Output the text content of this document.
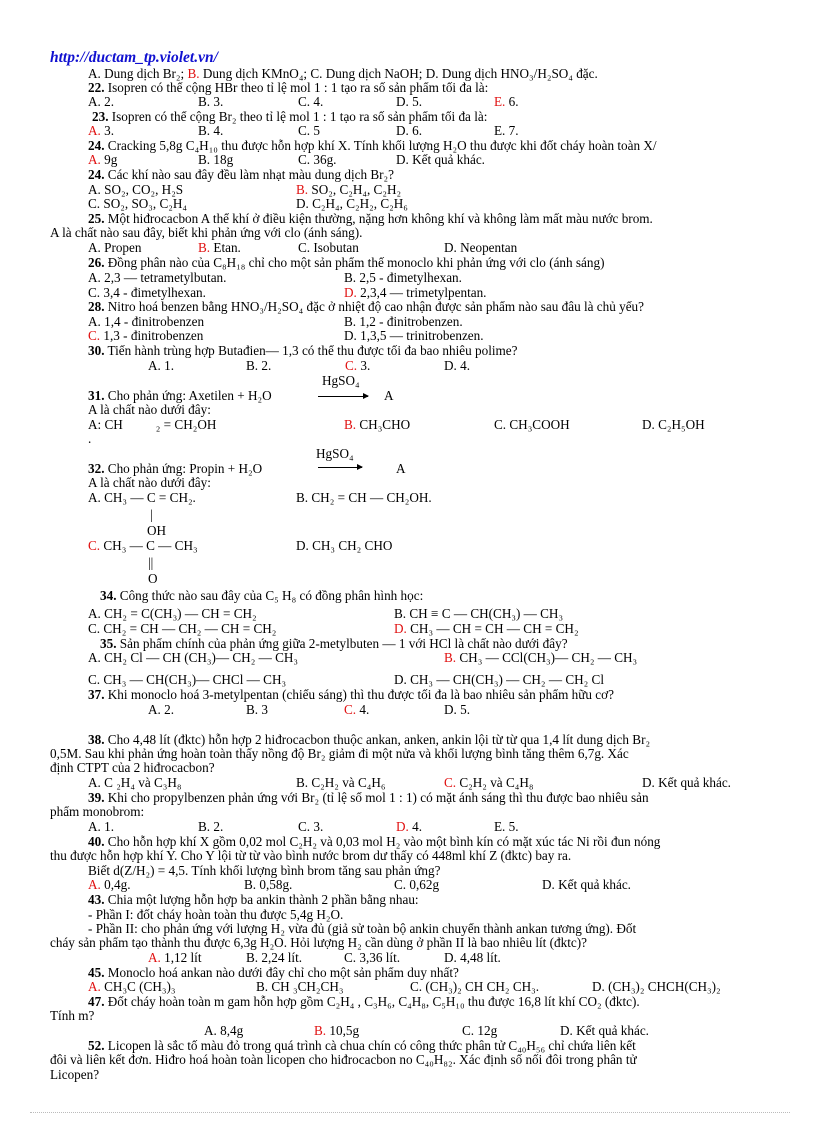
http://ductam_tp.violet.vn/
A. Dung dịch Br₂; B. Dung dịch KMnO₄; C. Dung dịch NaOH; D. Dung dịch HNO₃/H₂SO₄ đặc.
22. Isopren có thể cộng HBr theo tỉ lệ mol 1 : 1 tạo ra số sản phẩm tối đa là:
A. 2.	B. 3.	C. 4.	D. 5.	E. 6.
23. Isopren có thể cộng Br₂ theo tỉ lệ mol 1 : 1 tạo ra số sản phẩm tối đa là:
A. 3.	B. 4.	C. 5	D. 6.	E. 7.
24. Cracking 5,8g C₄H₁₀ thu được hỗn hợp khí X. Tính khối lượng H₂O thu được khi đốt cháy hoàn toàn X/
A. 9g	B. 18g	C. 36g.	D. Kết quả khác.
24. Các khí nào sau đây đều làm nhạt màu dung dịch Br₂?
A. SO₂, CO₂, H₂S	B. SO₂, C₂H₄, C₂H₂
C. SO₂, SO₃, C₂H₄	D. C₂H₄, C₂H₂, C₂H₆
25. Một hiđrocacbon A thể khí ở điều kiện thường, nặng hơn không khí và không làm mất màu nước brom.
A là chất nào sau đây, biết khi phản ứng với clo (ánh sáng).
A. Propen	B. Etan.	C. Isobutan	D. Neopentan
26. Đồng phân nào của C₈H₁₈ chỉ cho một sản phẩm thế monoclo khi phản ứng với clo (ánh sáng)
A. 2,3 — tetrametylbutan.	B. 2,5 - đimetylhexan.
C. 3,4 - đimetylhexan.	D. 2,3,4 — trimetylpentan.
28. Nitro hoá benzen bằng HNO₃/H₂SO₄ đặc ở nhiệt độ cao nhận được sản phẩm nào sau đâu là chủ yếu?
A. 1,4 - đinitrobenzen	B. 1,2 - đinitrobenzen.
C. 1,3 - đinitrobenzen	D. 1,3,5 — trinitrobenzen.
30. Tiến hành trùng hợp Butađien— 1,3 có thể thu được tối đa bao nhiêu polime?
A. 1.	B. 2.	C. 3.	D. 4.
HgSO₄
31. Cho phản ứng: Axetilen + H₂O	A
A là chất nào dưới đây:
A: CH ₂ = CH₂OH	B. CH₃CHO	C. CH₃COOH	D. C₂H₅OH
.
HgSO₄
32. Cho phản ứng: Propin + H₂O	A
A là chất nào dưới đây:
A. CH₃ — C = CH₂.	B. CH₂ = CH — CH₂OH.
|
OH
C. CH₃ — C — CH₃	D. CH₃ CH₂ CHO
||
O
34. Công thức nào sau đây của C₅ H₈ có đồng phân hình học:
A. CH₂ = C(CH₃) — CH = CH₂	B. CH ≡ C — CH(CH₃) — CH₃
C. CH₂ = CH — CH₂ — CH = CH₂	D. CH₃ — CH = CH — CH = CH₂
35. Sản phẩm chính của phản ứng giữa 2-metylbuten — 1 với HCl là chất nào dưới đây?
A. CH₂ Cl — CH (CH₃)— CH₂ — CH₃	B. CH₃ — CCl(CH₃)— CH₂ — CH₃
C. CH₃ — CH(CH₃)— CHCl — CH₃	D. CH₃ — CH(CH₃) — CH₂ — CH₂ Cl
37. Khi monoclo hoá 3-metylpentan (chiếu sáng) thì thu được tối đa là bao nhiêu sản phẩm hữu cơ?
A. 2.	B. 3	C. 4.	D. 5.
38. Cho 4,48 lít (đktc) hỗn hợp 2 hiđrocacbon thuộc ankan, anken, ankin lội từ từ qua 1,4 lít dung dịch Br₂
0,5M. Sau khi phản ứng hoàn toàn thấy nồng độ Br₂ giảm đi một nửa và khối lượng bình tăng thêm 6,7g. Xác
định CTPT của 2 hiđrocacbon?
A. C ₂H₄ và C₃H₈	B. C₂H₂ và C₄H₆	C. C₂H₂ và C₄H₈	D. Kết quả khác.
39. Khi cho propylbenzen phản ứng với Br₂ (tỉ lệ số mol 1 : 1) có mặt ánh sáng thì thu được bao nhiêu sản
phẩm monobrom:
A. 1.	B. 2.	C. 3.	D. 4.	E. 5.
40. Cho hỗn hợp khí X gồm 0,02 mol C₂H₂ và 0,03 mol H₂ vào một bình kín có mặt xúc tác Ni rồi đun nóng
thu được hỗn hợp khí Y. Cho Y lội từ từ vào bình nước brom dư thấy có 448ml khí Z (đktc) bay ra.
Biết d(Z/H₂) = 4,5. Tính khối lượng bình brom tăng sau phản ứng?
A. 0,4g.	B. 0,58g.	C. 0,62g	D. Kết quả khác.
43. Chia một lượng hỗn hợp ba ankin thành 2 phần bằng nhau:
- Phần I: đốt cháy hoàn toàn thu được 5,4g H₂O.
- Phần II: cho phản ứng với lượng H₂ vừa đủ (giả sử toàn bộ ankin chuyển thành ankan tương ứng). Đốt
cháy sản phẩm tạo thành thu được 6,3g H₂O. Hỏi lượng H₂ cần dùng ở phần II là bao nhiêu lít (đktc)?
A. 1,12 lít	B. 2,24 lít.	C. 3,36 lít.	D. 4,48 lít.
45. Monoclo hoá ankan nào dưới đây chỉ cho một sản phẩm duy nhất?
A. CH₃C (CH₃)₃	B. CH ₃CH₂CH₃	C. (CH₃)₂ CH CH₂ CH₃.	D. (CH₃)₂ CHCH(CH₃)₂
47. Đốt cháy hoàn toàn m gam hỗn hợp gồm C₂H₄ , C₃H₆, C₄H₈, C₅H₁₀ thu được 16,8 lít khí CO₂ (đktc).
Tính m?
A. 8,4g	B. 10,5g	C. 12g	D. Kết quả khác.
52. Licopen là sắc tố màu đỏ trong quá trình cà chua chín có công thức phân tử C₄₀H₅₆ chỉ chứa liên kết
đôi và liên kết đơn. Hiđro hoá hoàn toàn licopen cho hiđrocacbon no C₄₀H₈₂. Xác định số nối đôi trong phân tử
Licopen?
